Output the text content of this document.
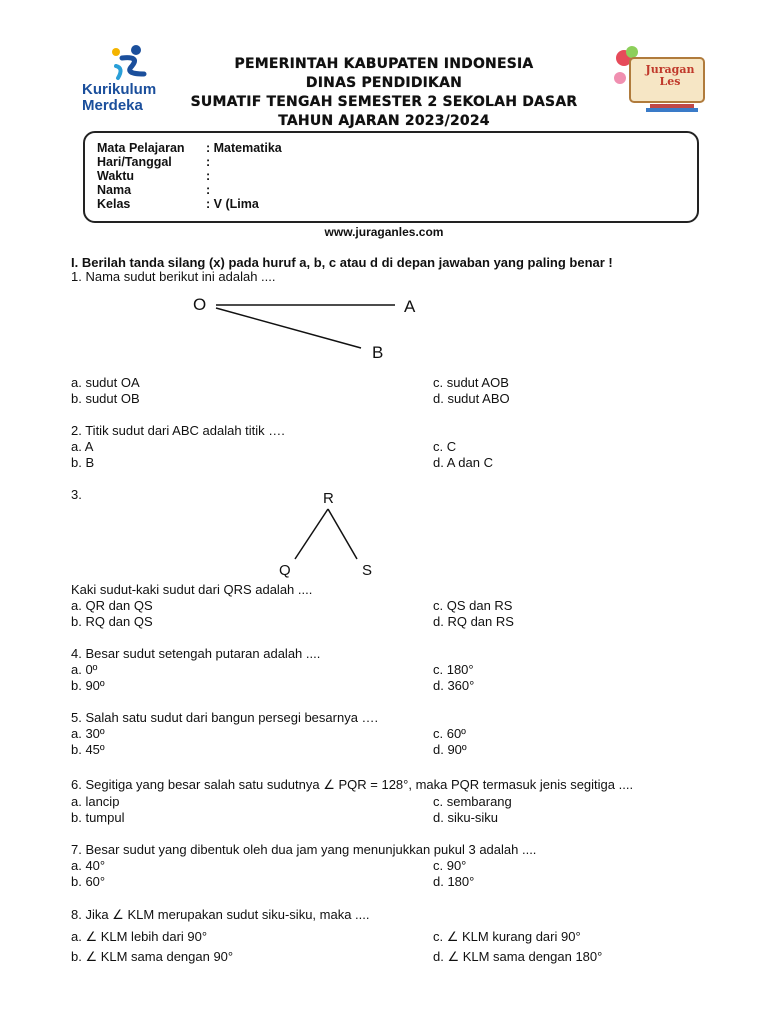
Kurikulum
Merdeka
Juragan
Les
PEMERINTAH KABUPATEN INDONESIA
DINAS PENDIDIKAN
SUMATIF TENGAH SEMESTER 2 SEKOLAH DASAR
TAHUN AJARAN 2023/2024
Mata Pelajaran : Matematika
Hari/Tanggal	:
Waktu	:
Nama	:
Kelas	: V (Lima
www.juraganles.com
I. Berilah tanda silang (x) pada huruf a, b, c atau d di depan jawaban yang paling benar !
1. Nama sudut berikut ini adalah ....
O	A
B
a. sudut OA	c. sudut AOB
b. sudut OB	d. sudut ABO
2. Titik sudut dari ABC adalah titik ….
a. A	c. C
b. B	d. A dan C
3.	R
Q	S
Kaki sudut-kaki sudut dari QRS adalah ....
a. QR dan QS	c. QS dan RS
b. RQ dan QS	d. RQ dan RS
4. Besar sudut setengah putaran adalah ....
a. 0º	c. 180°
b. 90º	d. 360°
5. Salah satu sudut dari bangun persegi besarnya ….
a. 30º	c. 60º
b. 45º	d. 90º
6. Segitiga yang besar salah satu sudutnya ∠ PQR = 128°, maka PQR termasuk jenis segitiga ....
a. lancip	c. sembarang
b. tumpul	d. siku-siku
7. Besar sudut yang dibentuk oleh dua jam yang menunjukkan pukul 3 adalah ....
a. 40°	c. 90°
b. 60°	d. 180°
8. Jika ∠ KLM merupakan sudut siku-siku, maka ....
a. ∠ KLM lebih dari 90°	c. ∠ KLM kurang dari 90°
b. ∠ KLM sama dengan 90°	d. ∠ KLM sama dengan 180°
